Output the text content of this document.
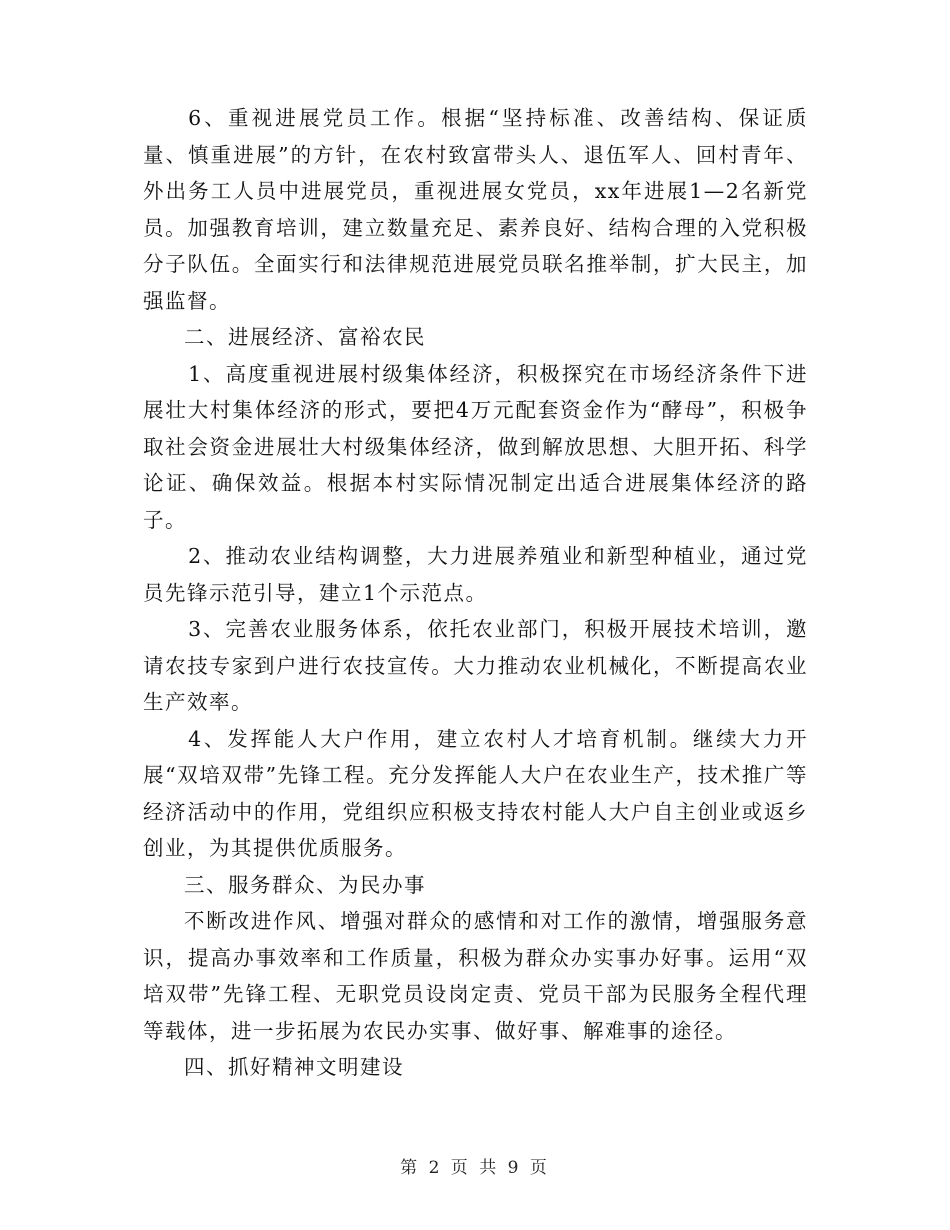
6、重视进展党员工作。根据“坚持标准、改善结构、保证质量、慎重进展”的方针，在农村致富带头人、退伍军人、回村青年、外出务工人员中进展党员，重视进展女党员，xx年进展1—2名新党员。加强教育培训，建立数量充足、素养良好、结构合理的入党积极分子队伍。全面实行和法律规范进展党员联名推举制，扩大民主，加强监督。

二、进展经济、富裕农民

1、高度重视进展村级集体经济，积极探究在市场经济条件下进展壮大村集体经济的形式，要把4万元配套资金作为“酵母”，积极争取社会资金进展壮大村级集体经济，做到解放思想、大胆开拓、科学论证、确保效益。根据本村实际情况制定出适合进展集体经济的路子。

2、推动农业结构调整，大力进展养殖业和新型种植业，通过党员先锋示范引导，建立1个示范点。

3、完善农业服务体系，依托农业部门，积极开展技术培训，邀请农技专家到户进行农技宣传。大力推动农业机械化，不断提高农业生产效率。

4、发挥能人大户作用，建立农村人才培育机制。继续大力开展“双培双带”先锋工程。充分发挥能人大户在农业生产，技术推广等经济活动中的作用，党组织应积极支持农村能人大户自主创业或返乡创业，为其提供优质服务。

三、服务群众、为民办事

不断改进作风、增强对群众的感情和对工作的激情，增强服务意识，提高办事效率和工作质量，积极为群众办实事办好事。运用“双培双带”先锋工程、无职党员设岗定责、党员干部为民服务全程代理等载体，进一步拓展为农民办实事、做好事、解难事的途径。

四、抓好精神文明建设

第 2 页 共 9 页
